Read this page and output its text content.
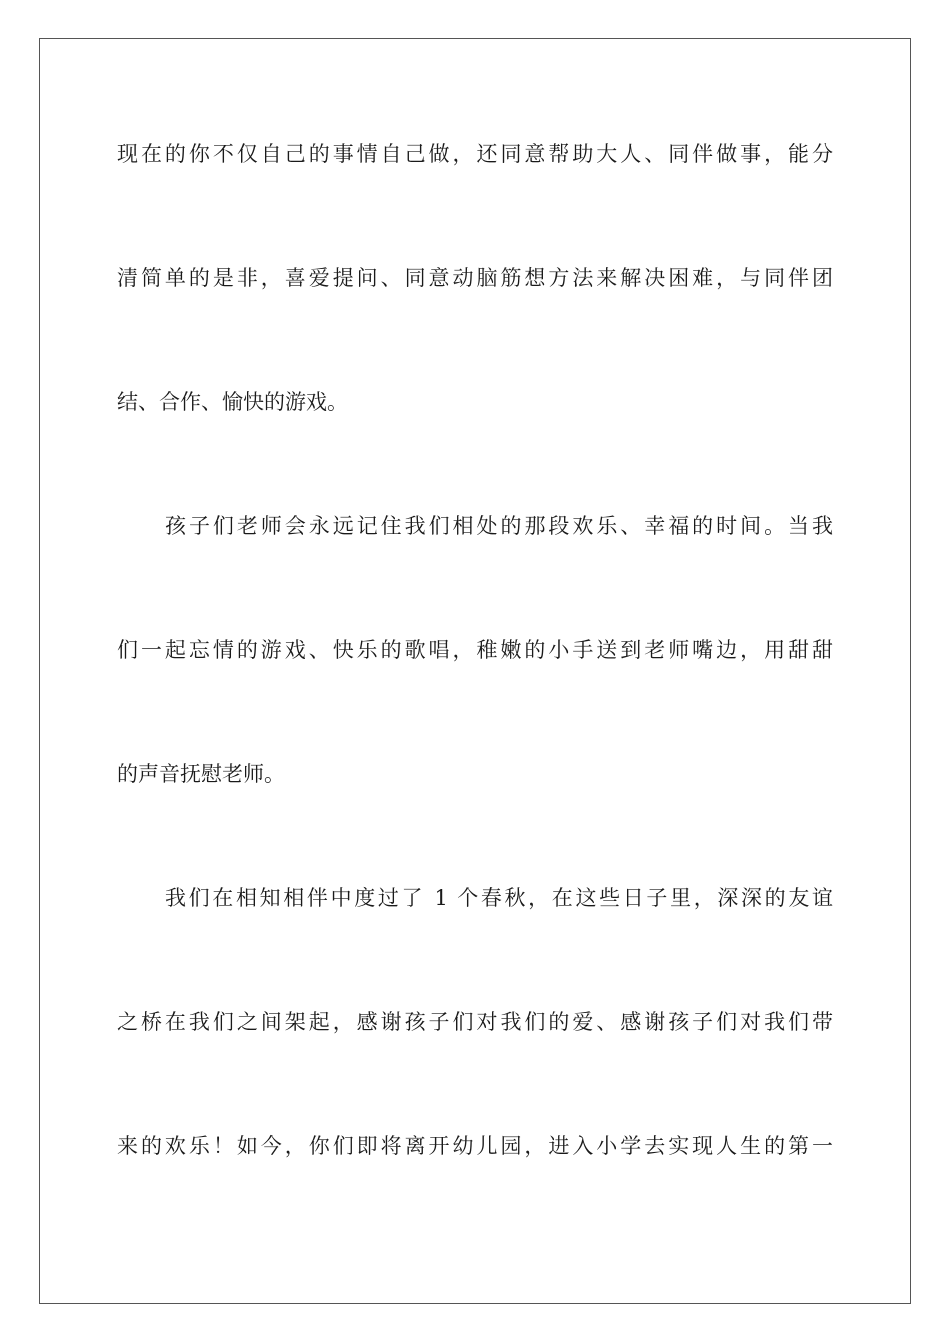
现在的你不仅自己的事情自己做，还同意帮助大人、同伴做事，能分
清简单的是非，喜爱提问、同意动脑筋想方法来解决困难，与同伴团
结、合作、愉快的游戏。
孩子们老师会永远记住我们相处的那段欢乐、幸福的时间。当我
们一起忘情的游戏、快乐的歌唱，稚嫩的小手送到老师嘴边，用甜甜
的声音抚慰老师。
我们在相知相伴中度过了 1 个春秋，在这些日子里，深深的友谊
之桥在我们之间架起，感谢孩子们对我们的爱、感谢孩子们对我们带
来的欢乐！如今，你们即将离开幼儿园，进入小学去实现人生的第一
